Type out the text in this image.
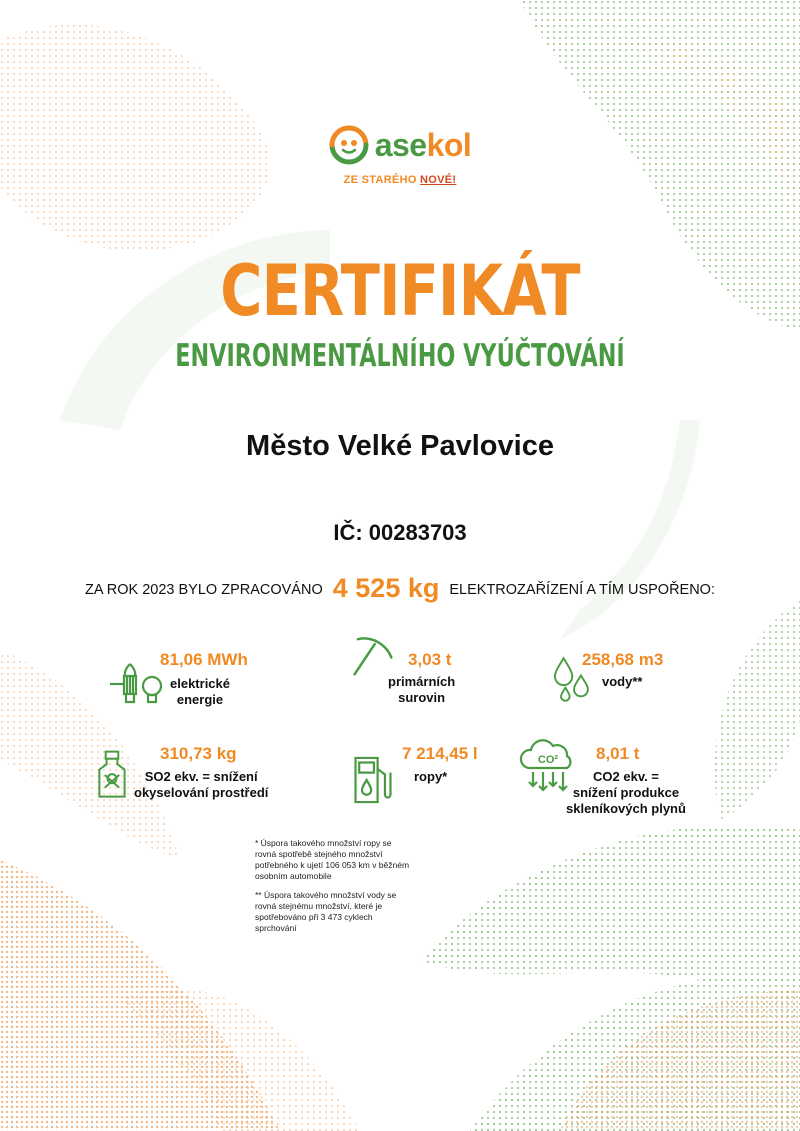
asekol
ZE STARÉHO NOVÉ!
CERTIFIKÁT
ENVIRONMENTÁLNÍHO VYÚČTOVÁNÍ
Město Velké Pavlovice
IČ: 00283703
ZA ROK 2023 BYLO ZPRACOVÁNO 4 525 kg ELEKTROZAŘÍZENÍ A TÍM USPOŘENO:
81,06 MWh
elektrické
energie
3,03 t
primárních
surovin
258,68 m3
vody**
310,73 kg
SO2 ekv. = snížení
okyselování prostředí
7 214,45 l
ropy*
CO² 8,01 t
CO2 ekv. =
snížení produkce
skleníkových plynů

* Úspora takového množství ropy se rovná spotřebě stejného množství potřebného k ujetí 106 053 km v běžném osobním automobile

** Úspora takového množství vody se rovná stejnému množství, které je spotřebováno při 3 473 cyklech sprchování
